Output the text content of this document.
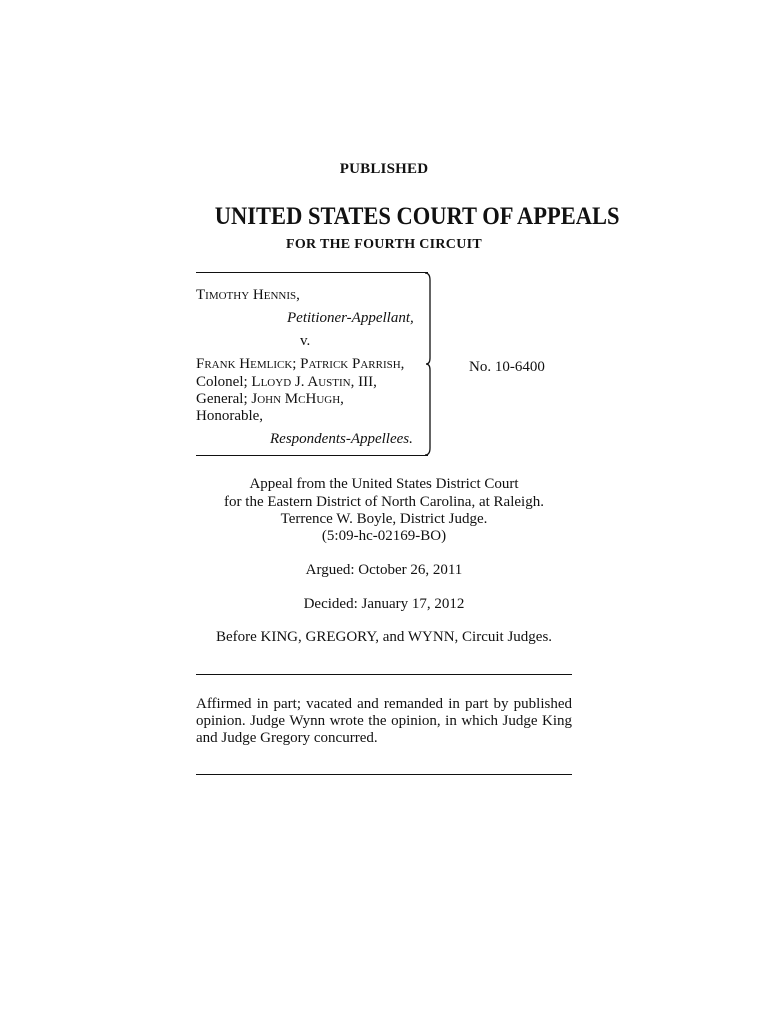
PUBLISHED
UNITED STATES COURT OF APPEALS
FOR THE FOURTH CIRCUIT
Timothy Hennis,
Petitioner-Appellant,
v.
Frank Hemlick; Patrick Parrish,
Colonel; Lloyd J. Austin, III,
General; John McHugh,
Honorable,
Respondents-Appellees.
No. 10-6400
Appeal from the United States District Court
for the Eastern District of North Carolina, at Raleigh.
Terrence W. Boyle, District Judge.
(5:09-hc-02169-BO)
Argued: October 26, 2011
Decided: January 17, 2012
Before KING, GREGORY, and WYNN, Circuit Judges.
Affirmed in part; vacated and remanded in part by published opinion. Judge Wynn wrote the opinion, in which Judge King and Judge Gregory concurred.
